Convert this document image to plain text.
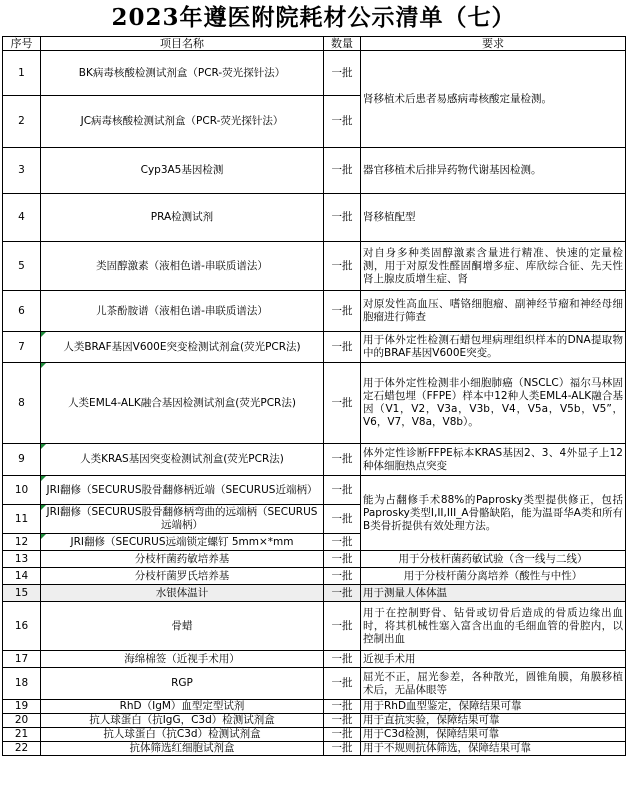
2023年遵医附院耗材公示清单（七）
序号	项目名称	数量	要求
1	BK病毒核酸检测试剂盒（PCR-荧光探针法）	一批	肾移植术后患者易感病毒核酸定量检测。
2	JC病毒核酸检测试剂盒（PCR-荧光探针法）	一批	
3	Cyp3A5基因检测	一批	器官移植术后排异药物代谢基因检测。
4	PRA检测试剂	一批	肾移植配型
5	类固醇激素（液相色谱-串联质谱法）	一批	对自身多种类固醇激素含量进行精准、快速的定量检测，用于对原发性醛固酮增多症、库欣综合征、先天性肾上腺皮质增生症、肾
6	儿茶酚胺谱（液相色谱-串联质谱法）	一批	对原发性高血压、嗜铬细胞瘤、副神经节瘤和神经母细胞瘤进行筛查
7	人类BRAF基因V600E突变检测试剂盒(荧光PCR法)	一批	用于体外定性检测石蜡包埋病理组织样本的DNA提取物中的BRAF基因V600E突变。
8	人类EML4-ALK融合基因检测试剂盒(荧光PCR法)	一批	用于体外定性检测非小细胞肺癌（NSCLC）福尔马林固定石蜡包埋（FFPE）样本中12种人类EML4-ALK融合基因（V1，V2，V3a，V3b，V4，V5a，V5b，V5”，V6，V7，V8a，V8b）。
9	人类KRAS基因突变检测试剂盒(荧光PCR法)	一批	体外定性诊断FFPE标本KRAS基因2、3、4外显子上12种体细胞热点突变
10	JRI翻修（SECURUS股骨翻修柄近端（SECURUS近端柄）	一批	能为占翻修手术88%的Paprosky类型提供修正，包括Paprosky类型I,II,III_A骨骼缺陷，能为温哥华A类和所有B类骨折提供有效处理方法。
11	JRI翻修（SECURUS股骨翻修柄弯曲的远端柄（SECURUS远端柄）	一批	
12	JRI翻修（SECURUS远端锁定螺钉 5mm×*mm	一批	
13	分枝杆菌药敏培养基	一批	用于分枝杆菌药敏试验（含一线与二线）
14	分枝杆菌罗氏培养基	一批	用于分枝杆菌分离培养（酸性与中性）
15	水银体温计	一批	用于测量人体体温
16	骨蜡	一批	用于在控制野骨、钻骨或切骨后造成的骨质边缘出血时，将其机械性塞入富含出血的毛细血管的骨腔内，以控制出血
17	海绵棉签（近视手术用）	一批	近视手术用
18	RGP	一批	屈光不正，屈光参差，各种散光，圆锥角膜，角膜移植术后，无晶体眼等
19	RhD（IgM）血型定型试剂	一批	用于RhD血型鉴定，保障结果可靠
20	抗人球蛋白（抗IgG，C3d）检测试剂盒	一批	用于直抗实验，保障结果可靠
21	抗人球蛋白（抗C3d）检测试剂盒	一批	用于C3d检测，保障结果可靠
22	抗体筛选红细胞试剂盒	一批	用于不规则抗体筛选，保障结果可靠
